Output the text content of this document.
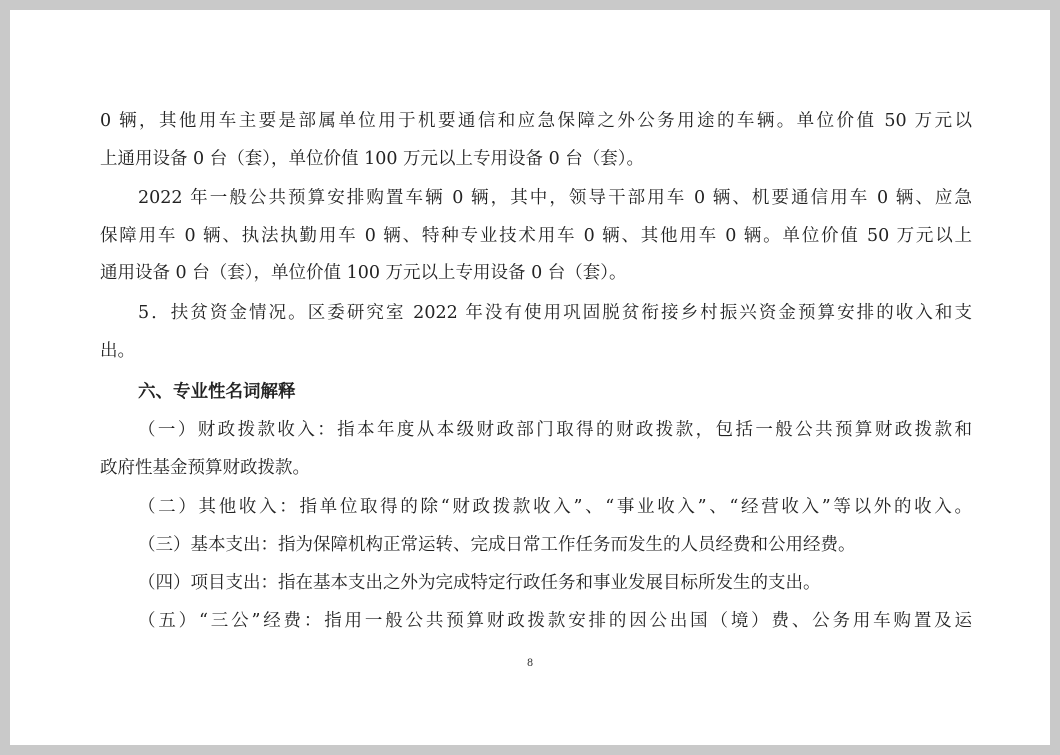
0 辆，其他用车主要是部属单位用于机要通信和应急保障之外公务用途的车辆。单位价值 50 万元以
上通用设备 0 台（套），单位价值 100 万元以上专用设备 0 台（套）。
2022 年一般公共预算安排购置车辆 0 辆，其中，领导干部用车 0 辆、机要通信用车 0 辆、应急
保障用车 0 辆、执法执勤用车 0 辆、特种专业技术用车 0 辆、其他用车 0 辆。单位价值 50 万元以上
通用设备 0 台（套），单位价值 100 万元以上专用设备 0 台（套）。
5．扶贫资金情况。区委研究室 2022 年没有使用巩固脱贫衔接乡村振兴资金预算安排的收入和支
出。
六、专业性名词解释
（一）财政拨款收入：指本年度从本级财政部门取得的财政拨款，包括一般公共预算财政拨款和
政府性基金预算财政拨款。
（二）其他收入：指单位取得的除“财政拨款收入”、“事业收入”、“经营收入”等以外的收入。
（三）基本支出：指为保障机构正常运转、完成日常工作任务而发生的人员经费和公用经费。
（四）项目支出：指在基本支出之外为完成特定行政任务和事业发展目标所发生的支出。
（五）“三公”经费：指用一般公共预算财政拨款安排的因公出国（境）费、公务用车购置及运
8
